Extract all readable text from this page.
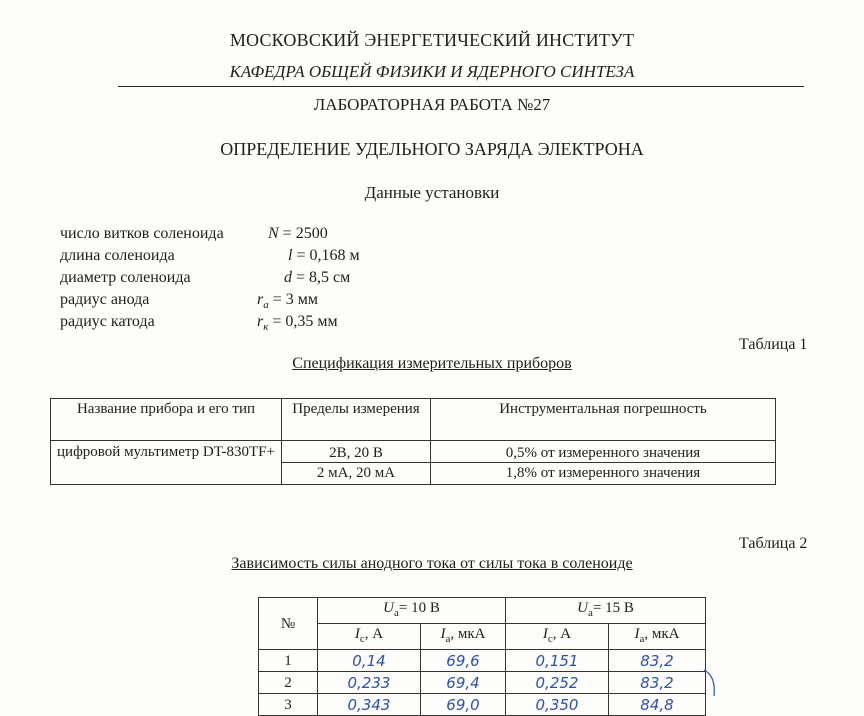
МОСКОВСКИЙ ЭНЕРГЕТИЧЕСКИЙ ИНСТИТУТ
КАФЕДРА ОБЩЕЙ ФИЗИКИ И ЯДЕРНОГО СИНТЕЗА
ЛАБОРАТОРНАЯ РАБОТА №27
ОПРЕДЕЛЕНИЕ УДЕЛЬНОГО ЗАРЯДА ЭЛЕКТРОНА
Данные установки
число витков соленоида	N = 2500
длина соленоида	l = 0,168 м
диаметр соленоида	d = 8,5 см
радиус анода	$r_a = 3$ мм
радиус катода	$r_к = 0,35$ мм
Таблица 1
Спецификация измерительных приборов
Название прибора и его тип	Пределы измерения	Инструментальная погрешность
цифровой мультиметр DT-830TF+	2В, 20 В	0,5% от измеренного значения
	2 мА, 20 мА	1,8% от измеренного значения
Таблица 2
Зависимость силы анодного тока от силы тока в соленоиде
№	$U_а= 10$ В		$U_а= 15$ В	
	$I_с$, А	$I_а$, мкА	$I_с$, А	$I_а$, мкА
1	0,14	69,6	0,151	83,2
2	0,233	69,4	0,252	83,2
3	0,343	69,0	0,350	84,8
